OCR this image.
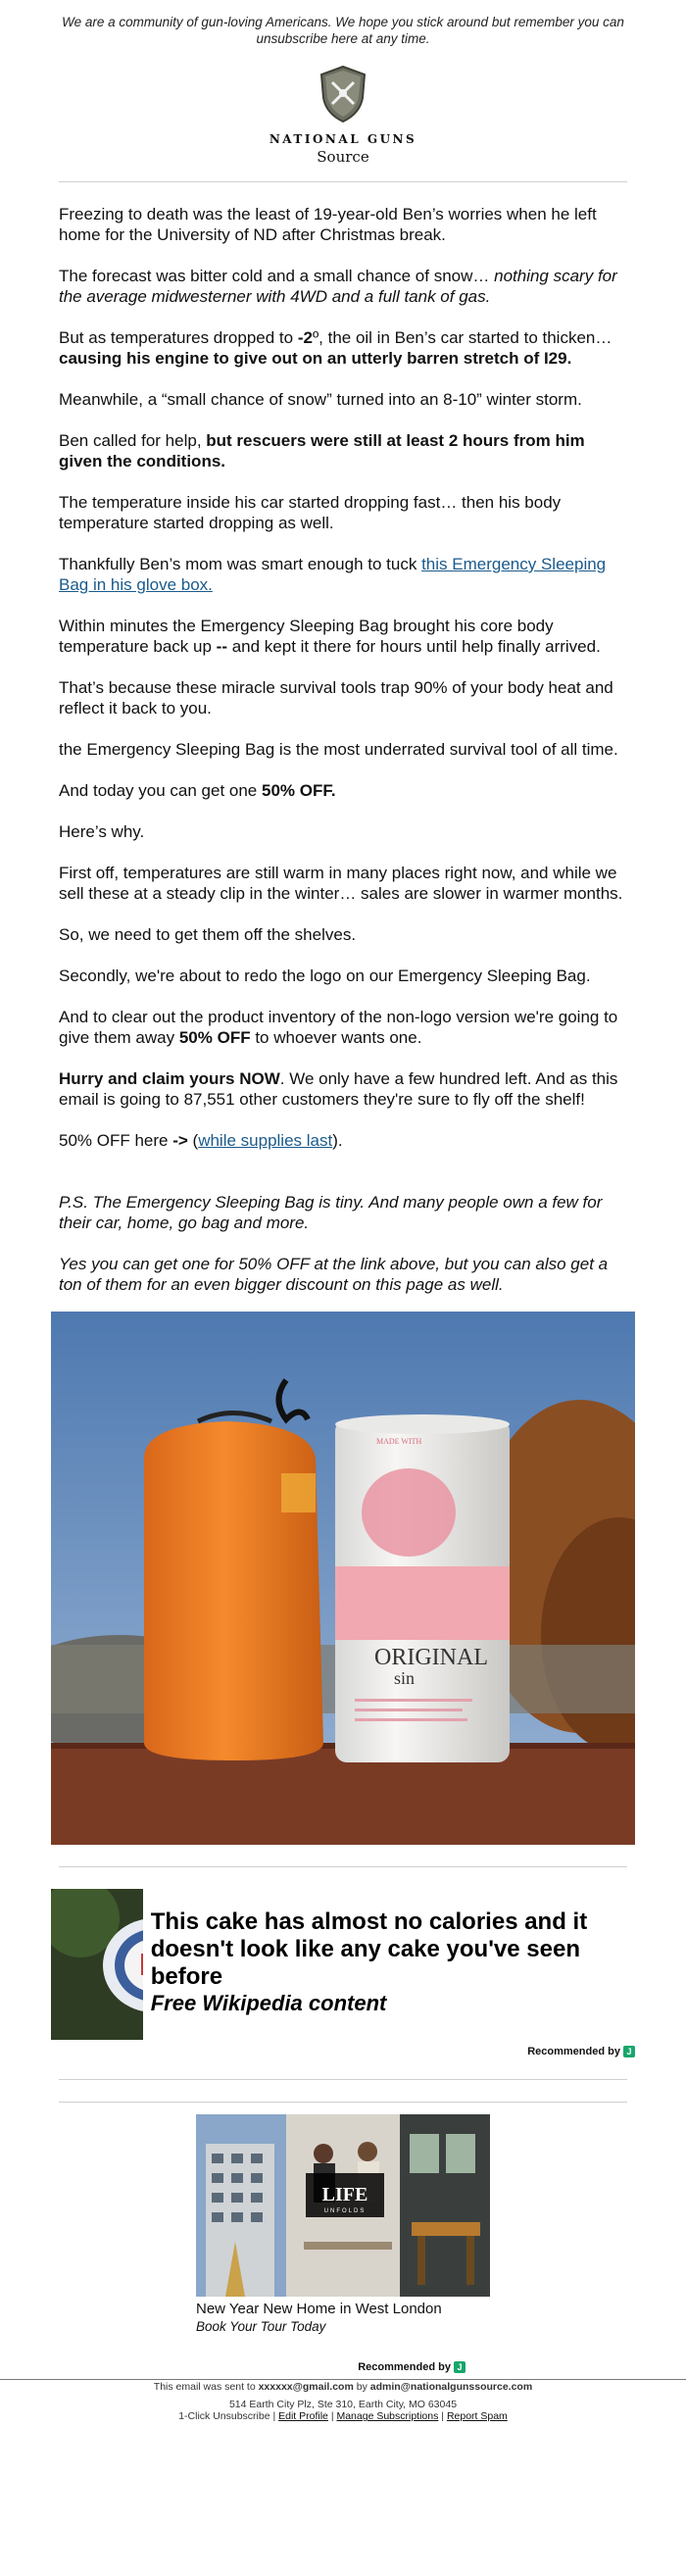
We are a community of gun-loving Americans. We hope you stick around but remember you can unsubscribe here at any time.
NATIONAL GUNS
Source

Freezing to death was the least of 19-year-old Ben’s worries when he left home for the University of ND after Christmas break.

The forecast was bitter cold and a small chance of snow… nothing scary for the average midwesterner with 4WD and a full tank of gas.

But as temperatures dropped to -2º, the oil in Ben’s car started to thicken… causing his engine to give out on an utterly barren stretch of I29.

Meanwhile, a “small chance of snow” turned into an 8-10” winter storm.

Ben called for help, but rescuers were still at least 2 hours from him given the conditions.

The temperature inside his car started dropping fast… then his body temperature started dropping as well.

Thankfully Ben’s mom was smart enough to tuck this Emergency Sleeping Bag in his glove box.

Within minutes the Emergency Sleeping Bag brought his core body temperature back up -- and kept it there for hours until help finally arrived.

That’s because these miracle survival tools trap 90% of your body heat and reflect it back to you.

the Emergency Sleeping Bag is the most underrated survival tool of all time.

And today you can get one 50% OFF.

Here’s why.

First off, temperatures are still warm in many places right now, and while we sell these at a steady clip in the winter… sales are slower in warmer months.

So, we need to get them off the shelves.

Secondly, we're about to redo the logo on our Emergency Sleeping Bag.

And to clear out the product inventory of the non-logo version we're going to give them away 50% OFF to whoever wants one.

Hurry and claim yours NOW. We only have a few hundred left. And as this email is going to 87,551 other customers they're sure to fly off the shelf!

50% OFF here -> (while supplies last).

P.S. The Emergency Sleeping Bag is tiny. And many people own a few for their car, home, go bag and more.

Yes you can get one for 50% OFF at the link above, but you can also get a ton of them for an even bigger discount on this page as well.

MADE WITH
ORIGINAL
sin
This cake has almost no calories and it doesn't look like any cake you've seen before
Free Wikipedia content
Recommended by J
LIFE
UNFOLDS
New Year New Home in West London
Book Your Tour Today
Recommended by J
This email was sent to xxxxxx@gmail.com by admin@nationalgunssource.com
514 Earth City Plz, Ste 310, Earth City, MO 63045
1-Click Unsubscribe | Edit Profile | Manage Subscriptions | Report Spam
